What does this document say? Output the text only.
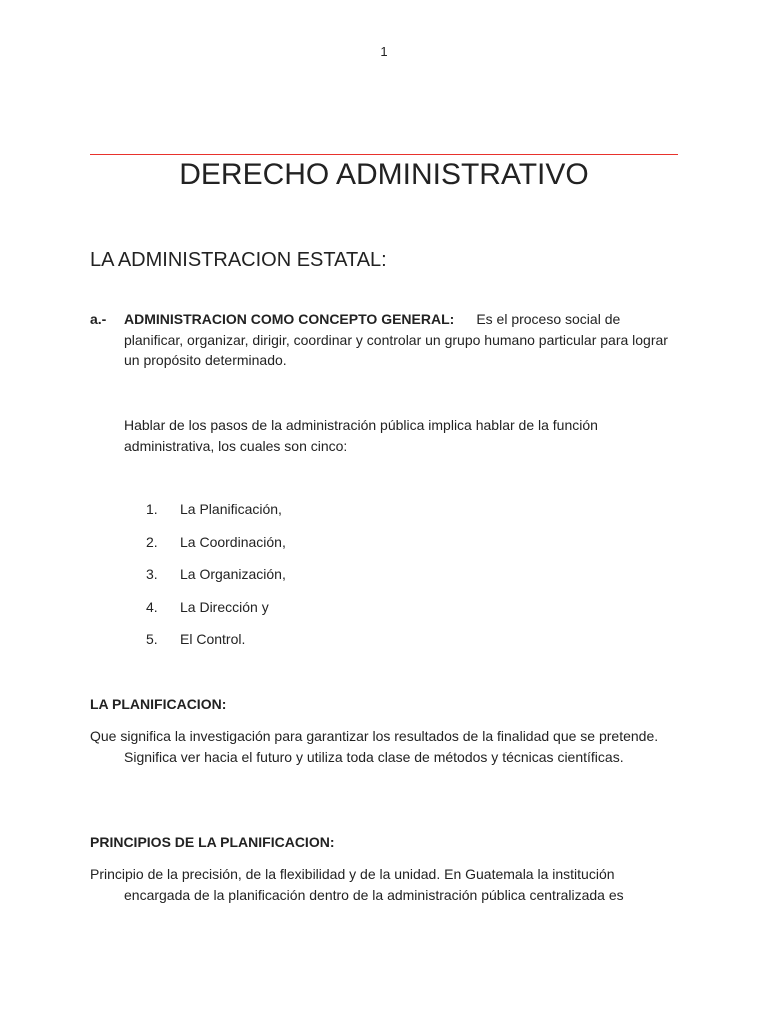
1
DERECHO ADMINISTRATIVO
LA ADMINISTRACION ESTATAL:
a.- ADMINISTRACION COMO CONCEPTO GENERAL: Es el proceso social de planificar, organizar, dirigir, coordinar y controlar un grupo humano particular para lograr un propósito determinado.
Hablar de los pasos de la administración pública implica hablar de la función administrativa, los cuales son cinco:
1. La Planificación,
2. La Coordinación,
3. La Organización,
4. La Dirección y
5. El Control.
LA PLANIFICACION:
Que significa la investigación para garantizar los resultados de la finalidad que se pretende. Significa ver hacia el futuro y utiliza toda clase de métodos y técnicas científicas.
PRINCIPIOS DE LA PLANIFICACION:
Principio de la precisión, de la flexibilidad y de la unidad. En Guatemala la institución encargada de la planificación dentro de la administración pública centralizada es
